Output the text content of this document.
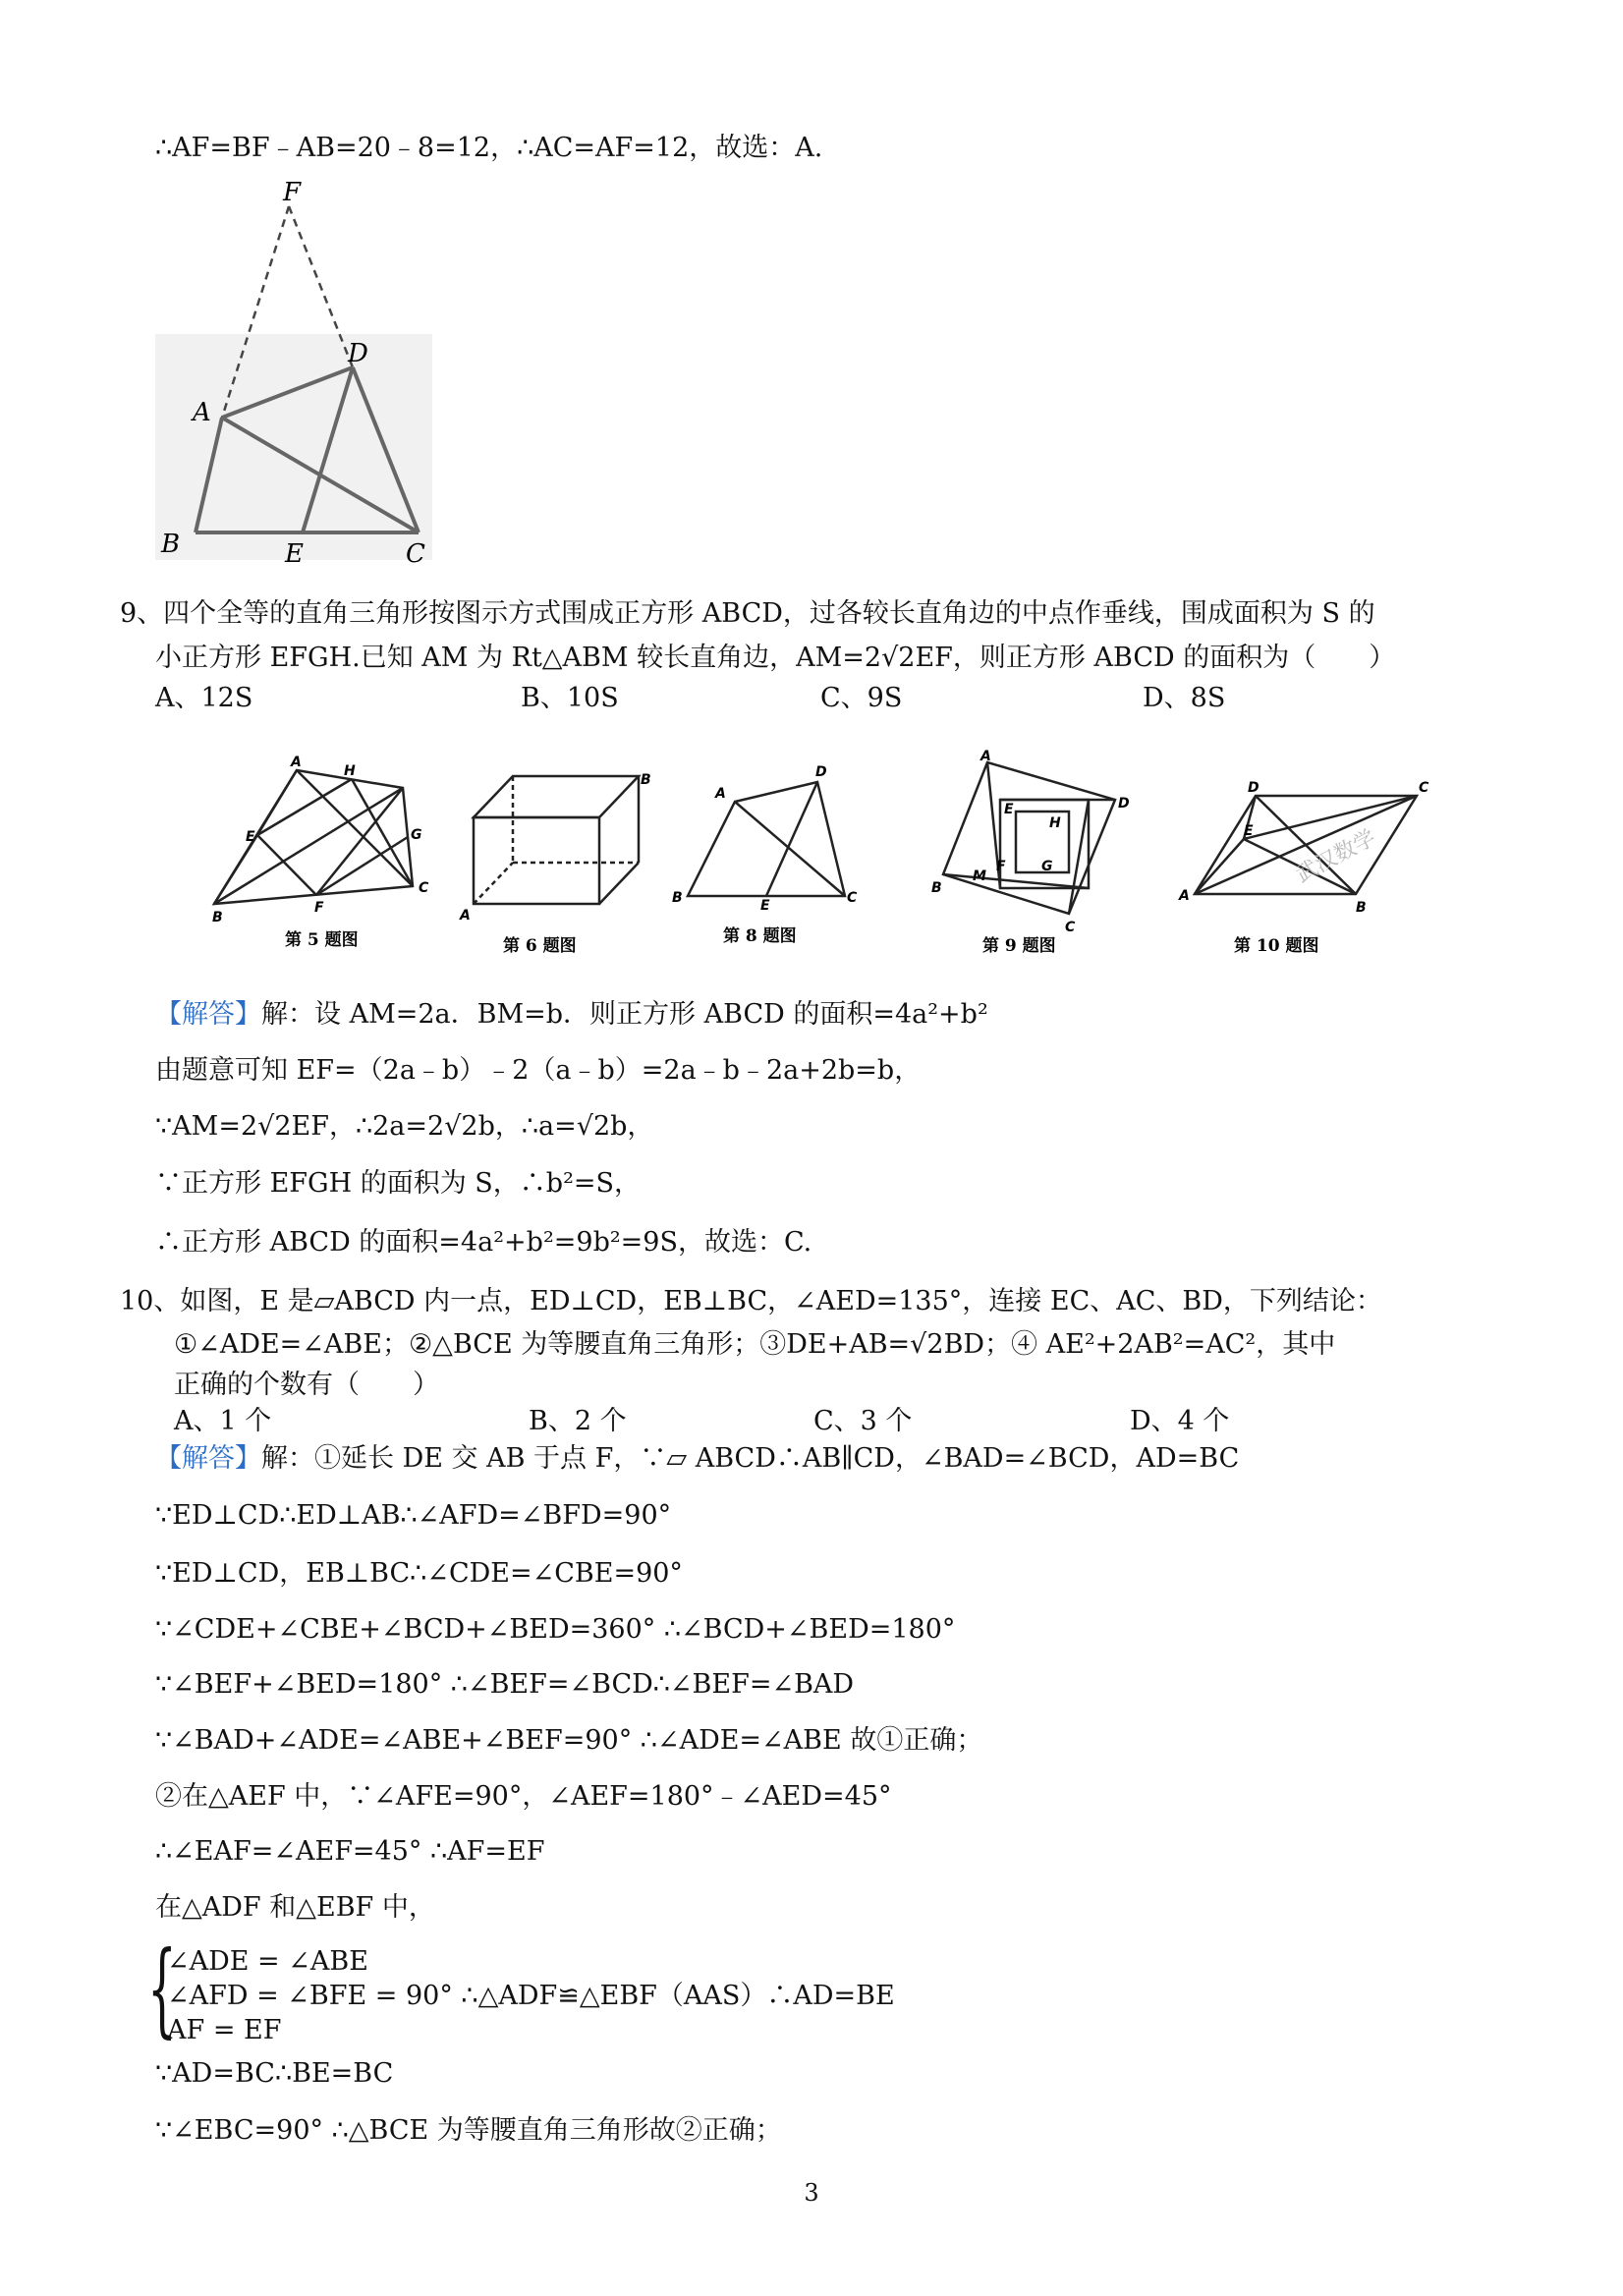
∴AF=BF﹣AB=20﹣8=12，∴AC=AF=12，故选：A.
F
D
A
B	E	C
9、四个全等的直角三角形按图示方式围成正方形 ABCD，过各较长直角边的中点作垂线，围成面积为 S 的
小正方形 EFGH.已知 AM 为 Rt△ABM 较长直角边，AM=2√2EF，则正方形 ABCD 的面积为（　　）
A、12S	B、10S	C、9S	D、8S
A
H
E	G
B
F
C
第 5 题图
B
A
第 6 题图
A
D
B	E	C
第 8 题图
A
D
E
H
F	G
B
M
C
第 9 题图
武汉数学
D	C
E
A
B
第 10 题图
【解答】解：设 AM=2a．BM=b．则正方形 ABCD 的面积=4a²+b²
由题意可知 EF=（2a﹣b）﹣2（a﹣b）=2a﹣b﹣2a+2b=b，
∵AM=2√2EF，∴2a=2√2b，∴a=√2b，
∵正方形 EFGH 的面积为 S，∴b²=S，
∴正方形 ABCD 的面积=4a²+b²=9b²=9S，故选：C.
10、如图，E 是▱ABCD 内一点，ED⊥CD，EB⊥BC，∠AED=135°，连接 EC、AC、BD，下列结论：
①∠ADE=∠ABE；②△BCE 为等腰直角三角形；③DE+AB=√2BD；④ AE²+2AB²=AC²，其中
正确的个数有（　　）
A、1 个	B、2 个	C、3 个	D、4 个
【解答】解：①延长 DE 交 AB 于点 F，∵▱ ABCD∴AB∥CD，∠BAD=∠BCD，AD=BC
∵ED⊥CD∴ED⊥AB∴∠AFD=∠BFD=90°
∵ED⊥CD，EB⊥BC∴∠CDE=∠CBE=90°
∵∠CDE+∠CBE+∠BCD+∠BED=360° ∴∠BCD+∠BED=180°
∵∠BEF+∠BED=180° ∴∠BEF=∠BCD∴∠BEF=∠BAD
∵∠BAD+∠ADE=∠ABE+∠BEF=90° ∴∠ADE=∠ABE 故①正确；
②在△AEF 中，∵∠AFE=90°，∠AEF=180°﹣∠AED=45°
∴∠EAF=∠AEF=45° ∴AF=EF
在△ADF 和△EBF 中，
{
∠ADE = ∠ABE
∠AFD = ∠BFE = 90° ∴△ADF≌△EBF（AAS）∴AD=BE
AF = EF
∵AD=BC∴BE=BC
∵∠EBC=90° ∴△BCE 为等腰直角三角形故②正确；
3
